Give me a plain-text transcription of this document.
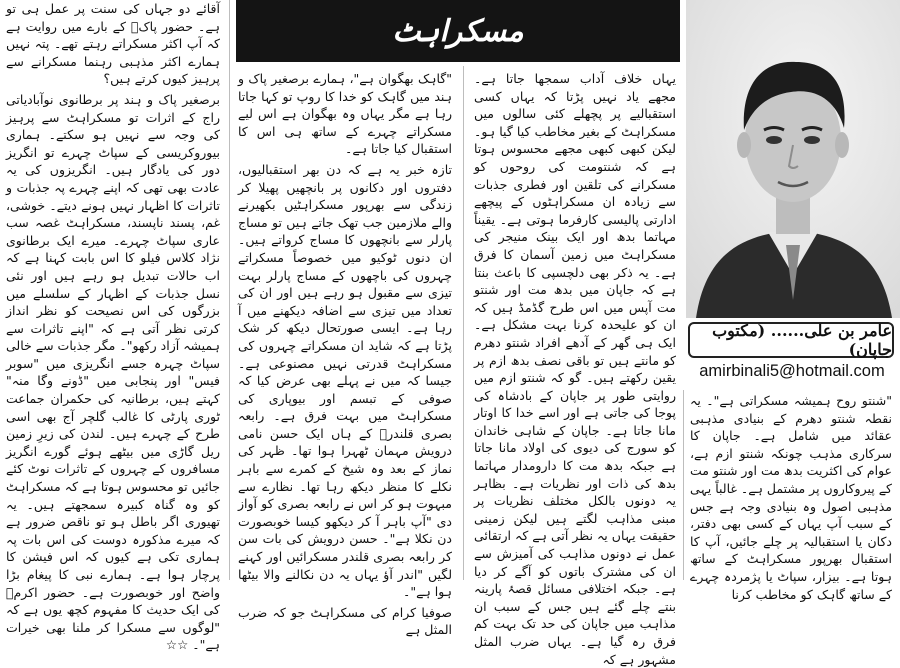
مسکراہٹ
عامر بن علی...... (مکتوب جاپان)
amirbinali5@hotmail.com

"شنتو روح ہمیشہ مسکراتی ہے"۔ یہ نقطہ شنتو دھرم کے بنیادی مذہبی عقائد میں شامل ہے۔ جاپان کا سرکاری مذہب چونکہ شنتو ازم ہے، عوام کی اکثریت بدھ مت اور شنتو مت کے پیروکاروں پر مشتمل ہے۔ غالباً یہی مذہبی اصول وہ بنیادی وجہ ہے جس کے سبب آپ یہاں کے کسی بھی دفتر، دکان یا استقبالیہ پر چلے جائیں، آپ کا استقبال بھرپور مسکراہٹ کے ساتھ ہوتا ہے۔ بیزار، سپاٹ یا پژمردہ چہرے کے ساتھ گاہک کو مخاطب کرنا

یہاں خلاف آداب سمجھا جاتا ہے۔ مجھے یاد نہیں پڑتا کہ یہاں کسی استقبالیے پر پچھلے کئی سالوں میں مسکراہٹ کے بغیر مخاطب کیا گیا ہو۔ لیکن کبھی کبھی مجھے محسوس ہوتا ہے کہ شنتومت کی روحوں کو مسکرانے کی تلقین اور فطری جذبات سے زیادہ ان مسکراہٹوں کے پیچھے ادارتی پالیسی کارفرما ہوتی ہے۔ یقیناً مہاتما بدھ اور ایک بینک منیجر کی مسکراہٹ میں زمین آسمان کا فرق ہے۔ یہ ذکر بھی دلچسپی کا باعث بنتا ہے کہ جاپان میں بدھ مت اور شنتو مت آپس میں اس طرح گڈمڈ ہیں کہ ان کو علیحدہ کرنا بہت مشکل ہے۔ ایک ہی گھر کے آدھے افراد شنتو دھرم کو مانتے ہیں تو باقی نصف بدھ ازم پر یقین رکھتے ہیں۔ گو کہ شنتو ازم میں روایتی طور پر جاپان کے بادشاہ کی پوجا کی جاتی ہے اور اسے خدا کا اوتار مانا جاتا ہے۔ جاپان کے شاہی خاندان کو سورج کی دیوی کی اولاد مانا جاتا ہے جبکہ بدھ مت کا دارومدار مہاتما بدھ کی ذات اور نظریات ہے۔ بظاہر یہ دونوں بالکل مختلف نظریات پر مبنی مذاہب لگتے ہیں لیکن زمینی حقیقت یہاں یہ نظر آتی ہے کہ ارتقائی عمل نے دونوں مذاہب کی آمیزش سے ان کی مشترک باتوں کو آگے کر دیا ہے۔ جبکہ اختلافی مسائل قصۂ پارینہ بنتے چلے گئے ہیں جس کے سبب ان مذاہب میں جاپان کی حد تک بہت کم فرق رہ گیا ہے۔ یہاں ضرب المثل مشہور ہے کہ

"گاہک بھگوان ہے"، ہمارے برصغیر پاک و ہند میں گاہک کو خدا کا روپ تو کہا جاتا رہا ہے مگر یہاں وہ بھگوان ہے اس لیے مسکراتے چہرے کے ساتھ ہی اس کا استقبال کیا جاتا ہے۔

تازہ خبر یہ ہے کہ دن بھر استقبالیوں، دفتروں اور دکانوں پر بانچھیں پھیلا کر زندگی سے بھرپور مسکراہٹیں بکھیرنے والے ملازمین جب تھک جاتے ہیں تو مساج پارلر سے بانچھوں کا مساج کرواتے ہیں۔ ان دنوں ٹوکیو میں خصوصاً مسکراتے چہروں کی باچھوں کے مساج پارلر بہت تیزی سے مقبول ہو رہے ہیں اور ان کی تعداد میں تیزی سے اضافہ دیکھنے میں آ رہا ہے۔ ایسی صورتحال دیکھ کر شک پڑتا ہے کہ شاید ان مسکراتے چہروں کی مسکراہٹ قدرتی نہیں مصنوعی ہے۔ جیسا کہ میں نے پہلے بھی عرض کیا کہ صوفی کے تبسم اور بیوپاری کی مسکراہٹ میں بہت فرق ہے۔ رابعہ بصری قلندرؒ کے ہاں ایک حسن نامی درویش مہمان ٹھہرا ہوا تھا۔ ظہر کی نماز کے بعد وہ شیخ کے کمرے سے باہر نکلے کا منظر دیکھ رہا تھا۔ نظارے سے مبہوت ہو کر اس نے رابعہ بصری کو آواز دی "آپ باہر آ کر دیکھو کیسا خوبصورت دن نکلا ہے"۔ حسن درویش کی بات سن کر رابعہ بصری قلندر مسکرائیں اور کہنے لگیں "اندر آؤ یہاں یہ دن نکالنے والا بیٹھا ہوا ہے"۔

صوفیا کرام کی مسکراہٹ جو کہ ضرب المثل ہے

آقائے دو جہاں کی سنت پر عمل ہی تو ہے۔ حضور پاکؐ کے بارے میں روایت ہے کہ آپ اکثر مسکراتے رہتے تھے۔ پتہ نہیں ہمارے اکثر مذہبی رہنما مسکرانے سے پرہیز کیوں کرتے ہیں؟

برصغیر پاک و ہند پر برطانوی نوآبادیاتی راج کے اثرات تو مسکراہٹ سے پرہیز کی وجہ سے نہیں ہو سکتے۔ ہماری بیوروکریسی کے سپاٹ چہرے تو انگریز دور کی یادگار ہیں۔ انگریزوں کی یہ عادت بھی تھی کہ اپنے چہرے پہ جذبات و تاثرات کا اظہار نہیں ہونے دیتے۔ خوشی، غم، پسند ناپسند، مسکراہٹ غصہ سب عاری سپاٹ چہرے۔ میرے ایک برطانوی نژاد کلاس فیلو کا اس بابت کہنا ہے کہ اب حالات تبدیل ہو رہے ہیں اور نئی نسل جذبات کے اظہار کے سلسلے میں بزرگوں کی اس نصیحت کو نظر انداز کرتی نظر آتی ہے کہ "اپنے تاثرات سے ہمیشہ آزاد رکھو"۔ مگر جذبات سے خالی سپاٹ چہرہ جسے انگریزی میں "سوبر فیس" اور پنجابی میں "ڈونے وگا منہ" کہتے ہیں، برطانیہ کی حکمران جماعت ٹوری پارٹی کا غالب گلچر آج بھی اسی طرح کے چہرے ہیں۔ لندن کی زیرِ زمین ریل گاڑی میں بیٹھے ہوئے گورے انگریز مسافروں کے چہروں کے تاثرات نوٹ کئے جائیں تو محسوس ہوتا ہے کہ مسکراہٹ کو وہ گناہ کبیرہ سمجھتے ہیں۔ یہ تھیوری اگر باطل ہو تو ناقص ضرور ہے کہ میرے مذکورہ دوست کی اس بات پہ ہماری تکی ہے کیوں کہ اس فیشن کا پرچار ہوا ہے۔ ہمارے نبی کا پیغام بڑا واضح اور خوبصورت ہے۔ حضور اکرمؐ کی ایک حدیث کا مفہوم کچھ یوں ہے کہ "لوگوں سے مسکرا کر ملنا بھی خیرات ہے"۔ ☆☆
